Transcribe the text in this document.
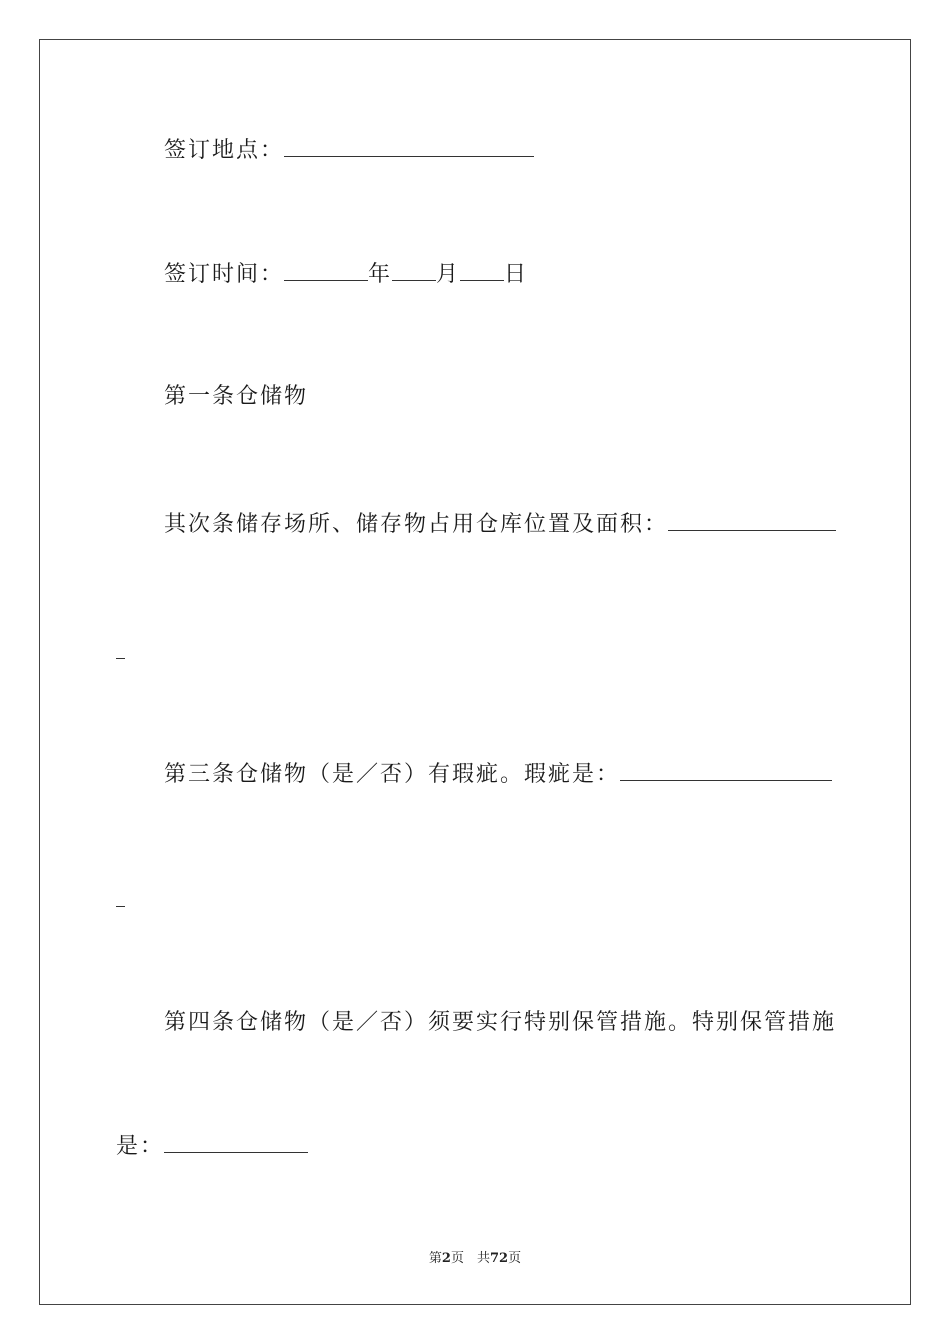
签订地点：
签订时间：	年 月 日
第一条仓储物
其次条储存场所、储存物占用仓库位置及面积：
第三条仓储物（是／否）有瑕疵。瑕疵是：
第四条仓储物（是／否）须要实行特别保管措施。特别保管措施
是：
第2页　共72页
